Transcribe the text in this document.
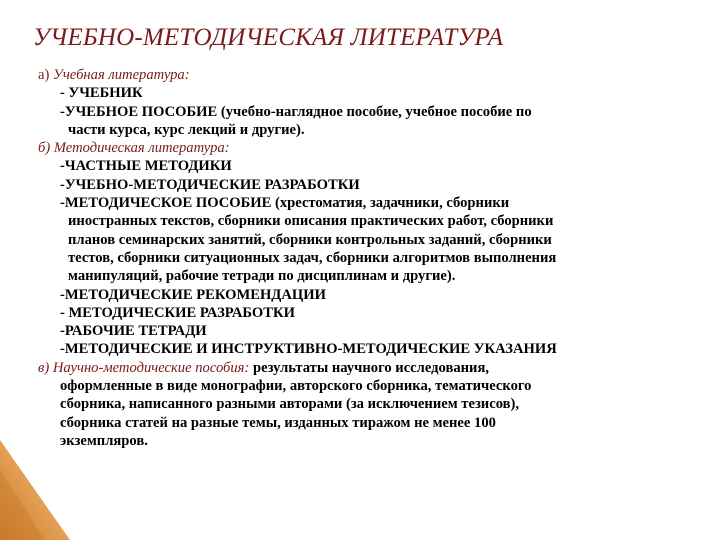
УЧЕБНО-МЕТОДИЧЕСКАЯ ЛИТЕРАТУРА
а) Учебная литература:
- УЧЕБНИК
-УЧЕБНОЕ ПОСОБИЕ (учебно-наглядное пособие, учебное пособие по
части курса, курс лекций и другие).
б) Методическая литература:
-ЧАСТНЫЕ МЕТОДИКИ
-УЧЕБНО-МЕТОДИЧЕСКИЕ РАЗРАБОТКИ
-МЕТОДИЧЕСКОЕ ПОСОБИЕ (хрестоматия, задачники, сборники
иностранных текстов, сборники описания практических работ, сборники
планов семинарских занятий, сборники контрольных заданий, сборники
тестов, сборники ситуационных задач, сборники алгоритмов выполнения
манипуляций, рабочие тетради по дисциплинам и другие).
-МЕТОДИЧЕСКИЕ РЕКОМЕНДАЦИИ
- МЕТОДИЧЕСКИЕ РАЗРАБОТКИ
-РАБОЧИЕ ТЕТРАДИ
-МЕТОДИЧЕСКИЕ И ИНСТРУКТИВНО-МЕТОДИЧЕСКИЕ УКАЗАНИЯ
в) Научно-методические пособия: результаты научного исследования,
оформленные в виде монографии, авторского сборника, тематического
сборника, написанного разными авторами (за исключением тезисов),
сборника статей на разные темы, изданных тиражом не менее 100
экземпляров.
